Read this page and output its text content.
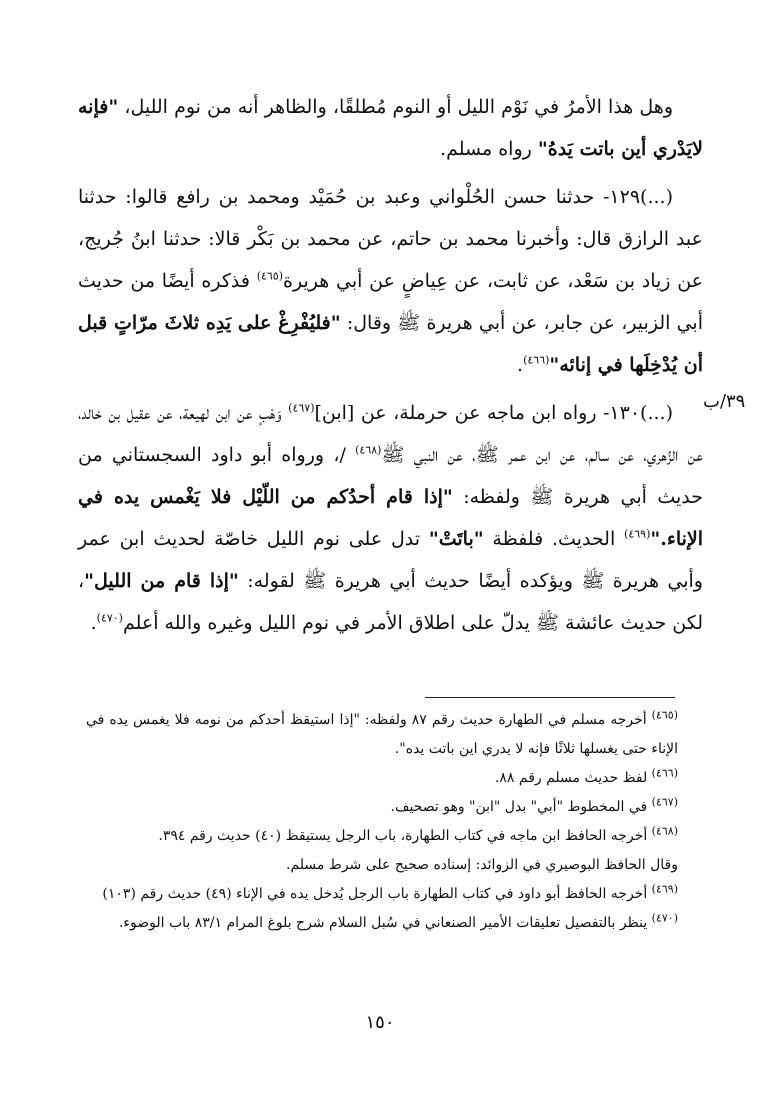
وهل هذا الأمرُ في نَوْم الليل أو النوم مُطلقًا، والظاهر أنه من نوم الليل، "فإنه لايَدْري أين باتت يَدهُ" رواه مسلم.

(...)١٢٩- حدثنا حسن الحُلْواني وعبد بن حُمَيْد ومحمد بن رافع قالوا: حدثنا عبد الرازق قال: وأخبرنا محمد بن حاتم، عن محمد بن بَكْر قالا: حدثنا ابنُ جُريج، عن زياد بن سَعْد، عن ثابت، عن عِياضٍ عن أبي هريرة$^{(٤٦٥)}$ فذكره أيضًا من حديث أبي الزبير، عن جابر، عن أبي هريرة ﷺ وقال: "فليُفْرِغْ على يَدِه ثلاثَ مرّاتٍ قبل أن يُدْخِلَها في إنائه"$^{(٤٦٦)}$.

(...)١٣٠- رواه ابن ماجه عن حرملة، عن [ابن]$^{(٤٦٧)}$ وَهْبٍ عن ابن لهيعة، عن عقيل بن خالد، عن الزُهري، عن سالم، عن ابن عمر ﷺ، عن النبي ﷺ$^{(٤٦٨)}$ /، ورواه أبو داود السجستاني من حديث أبي هريرة ﷺ ولفظه: "إذا قام أحدُكم من اللّيْل فلا يَغْمس يده في الإناء."$^{(٤٦٩)}$ الحديث. فلفظة "باتَتْ" تدل على نوم الليل خاصّة لحديث ابن عمر وأبي هريرة ﷺ ويؤكده أيضًا حديث أبي هريرة ﷺ لقوله: "إذا قام من الليل"، لكن حديث عائشة ﷺ يدلّ على اطلاق الأمر في نوم الليل وغيره والله أعلم$^{(٤٧٠)}$.

٣٩/ب

$^{(٤٦٥)}$ أخرجه مسلم في الطهارة حديث رقم ٨٧ ولفظه: "إذا استيقظ أحدكم من نومه فلا يغمس يده في الإناء حتى يغسلها ثلاثًا فإنه لا يدري اين باتت يده".

$^{(٤٦٦)}$ لفظ حديث مسلم رقم ٨٨.

$^{(٤٦٧)}$ في المخطوط "أبي" بدل "ابن" وهو تصحيف.

$^{(٤٦٨)}$ أخرجه الحافظ ابن ماجه في كتاب الطهارة، باب الرجل يستيقظ (٤٠) حديث رقم ٣٩٤.

وقال الحافظ البوصيري في الزوائد: إسناده صحيح على شرط مسلم.

$^{(٤٦٩)}$ أخرجه الحافظ أبو داود في كتاب الطهارة باب الرجل يُدخل يده في الإناء (٤٩) حديث رقم (١٠٣)

$^{(٤٧٠)}$ ينظر بالتفصيل تعليقات الأمير الصنعاني في سُبل السلام شرح بلوغ المرام ٨٣/١ باب الوضوء.

١٥٠
